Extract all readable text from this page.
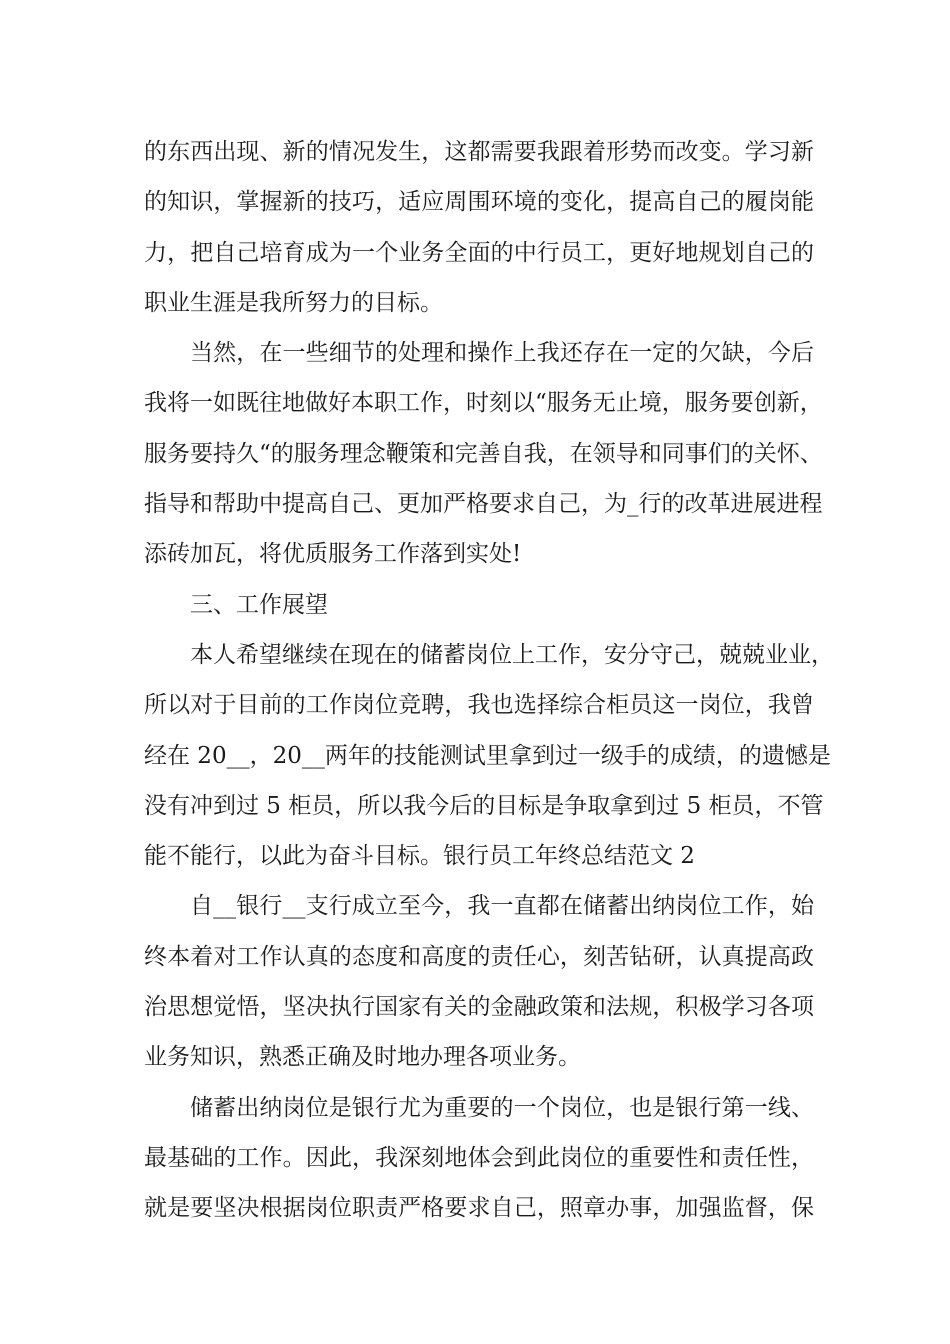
的东西出现、新的情况发生，这都需要我跟着形势而改变。学习新
的知识，掌握新的技巧，适应周围环境的变化，提高自己的履岗能
力，把自己培育成为一个业务全面的中行员工，更好地规划自己的
职业生涯是我所努力的目标。
当然，在一些细节的处理和操作上我还存在一定的欠缺，今后
我将一如既往地做好本职工作，时刻以“服务无止境，服务要创新，
服务要持久“的服务理念鞭策和完善自我，在领导和同事们的关怀、
指导和帮助中提高自己、更加严格要求自己，为_行的改革进展进程
添砖加瓦，将优质服务工作落到实处!
三、工作展望
本人希望继续在现在的储蓄岗位上工作，安分守己，兢兢业业，
所以对于目前的工作岗位竞聘，我也选择综合柜员这一岗位，我曾
经在 20__，20__两年的技能测试里拿到过一级手的成绩，的遗憾是
没有冲到过 5 柜员，所以我今后的目标是争取拿到过 5 柜员，不管
能不能行，以此为奋斗目标。银行员工年终总结范文 2
自__银行__支行成立至今，我一直都在储蓄出纳岗位工作，始
终本着对工作认真的态度和高度的责任心，刻苦钻研，认真提高政
治思想觉悟，坚决执行国家有关的金融政策和法规，积极学习各项
业务知识，熟悉正确及时地办理各项业务。
储蓄出纳岗位是银行尤为重要的一个岗位，也是银行第一线、
最基础的工作。因此，我深刻地体会到此岗位的重要性和责任性，
就是要坚决根据岗位职责严格要求自己，照章办事，加强监督，保
